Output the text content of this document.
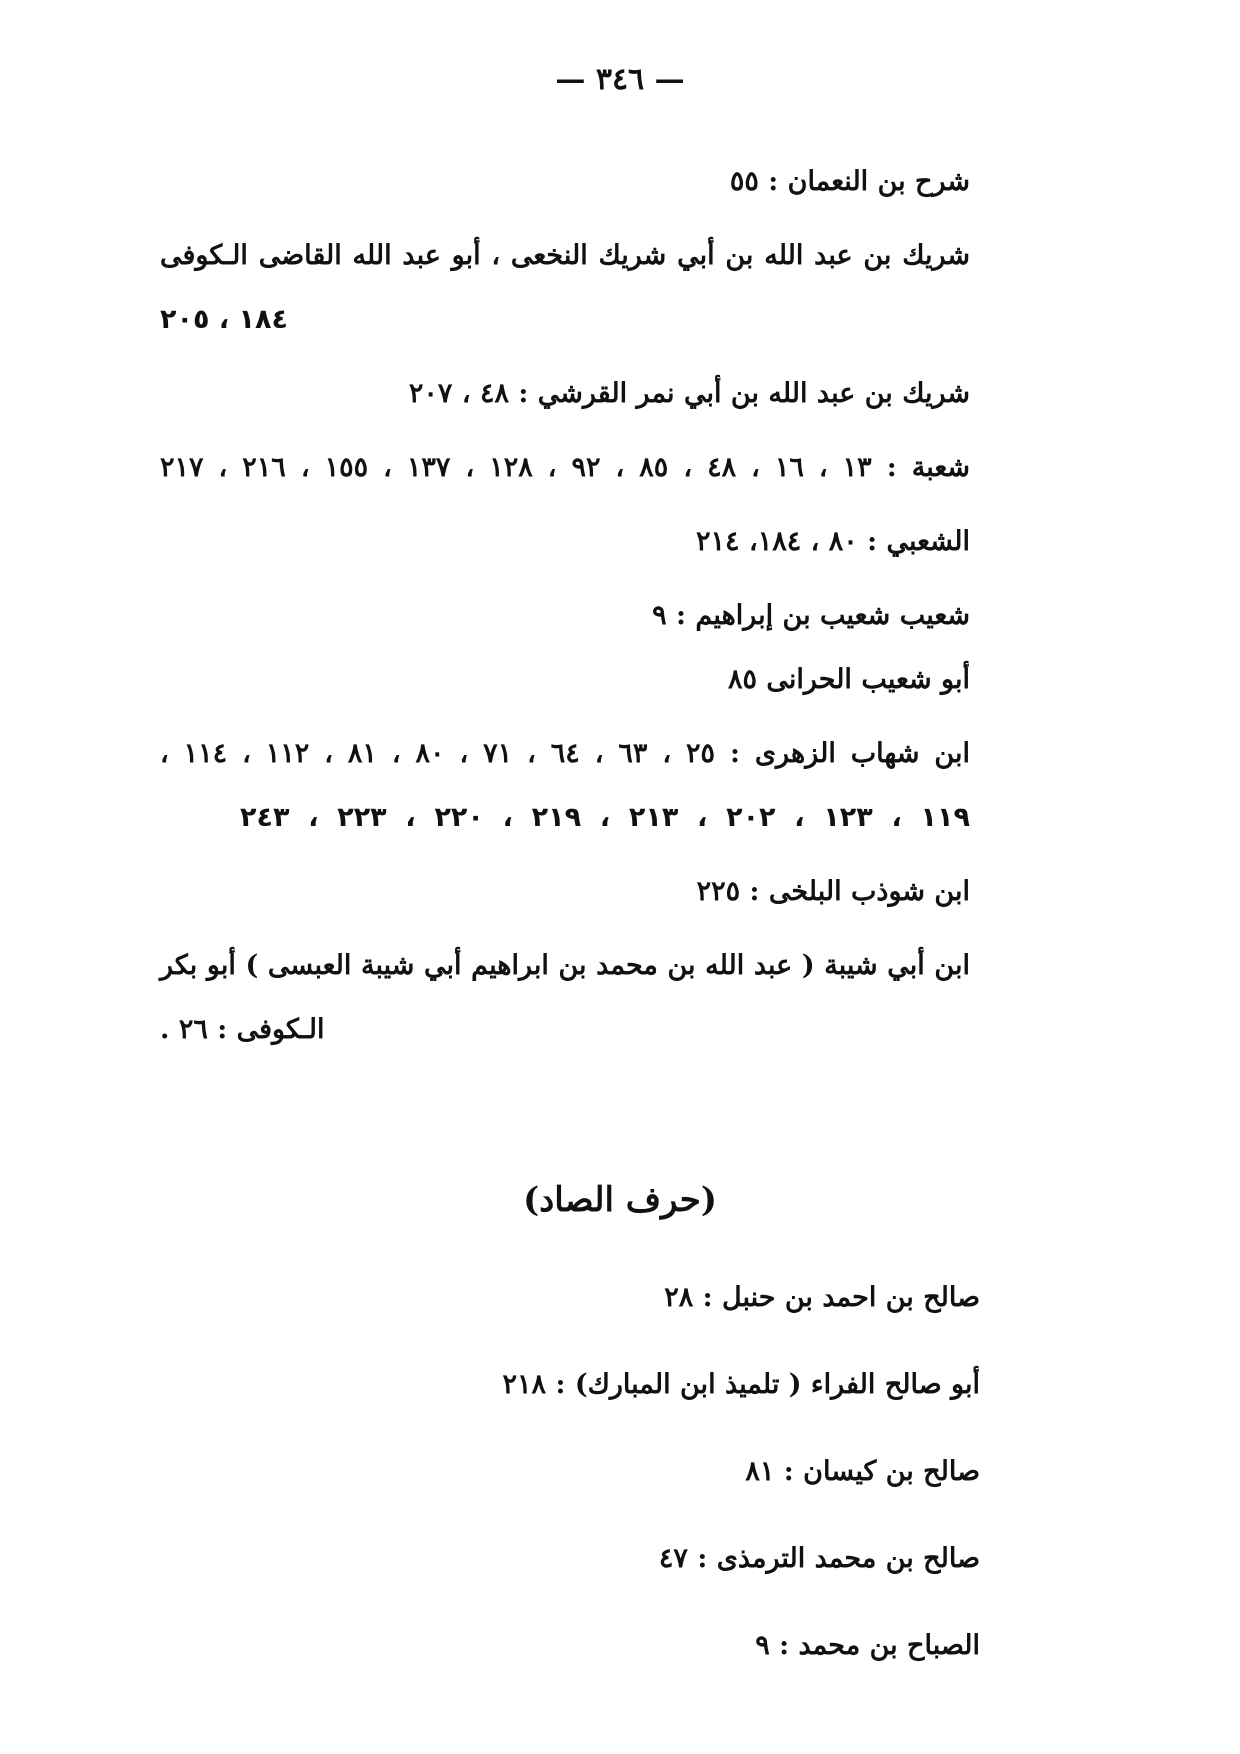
— ٣٤٦ —
شرح بن النعمان : ٥٥
شريك بن عبد الله بن أبي شريك النخعى ، أبو عبد الله القاضى الـكوفى
١٨٤ ، ٢٠٥
شريك بن عبد الله بن أبي نمر القرشي : ٤٨ ، ٢٠٧
شعبة : ١٣ ، ١٦ ، ٤٨ ، ٨٥ ، ٩٢ ، ١٢٨ ، ١٣٧ ، ١٥٥ ، ٢١٦ ، ٢١٧
الشعبي : ٨٠ ، ١٨٤، ٢١٤
شعيب شعيب بن إبراهيم : ٩
أبو شعيب الحرانى ٨٥
ابن شهاب الزهرى : ٢٥ ، ٦٣ ، ٦٤ ، ٧١ ، ٨٠ ، ٨١ ، ١١٢ ، ١١٤ ،
١١٩ ، ١٢٣ ، ٢٠٢ ، ٢١٣ ، ٢١٩ ، ٢٢٠ ، ٢٢٣ ، ٢٤٣
ابن شوذب البلخى : ٢٢٥
ابن أبي شيبة ( عبد الله بن محمد بن ابراهيم أبي شيبة العبسى ) أبو بكر
الـكوفى : ٢٦ .
(حرف الصاد)
صالح بن احمد بن حنبل : ٢٨
أبو صالح الفراء ( تلميذ ابن المبارك) : ٢١٨
صالح بن كيسان : ٨١
صالح بن محمد الترمذى : ٤٧
الصباح بن محمد : ٩
